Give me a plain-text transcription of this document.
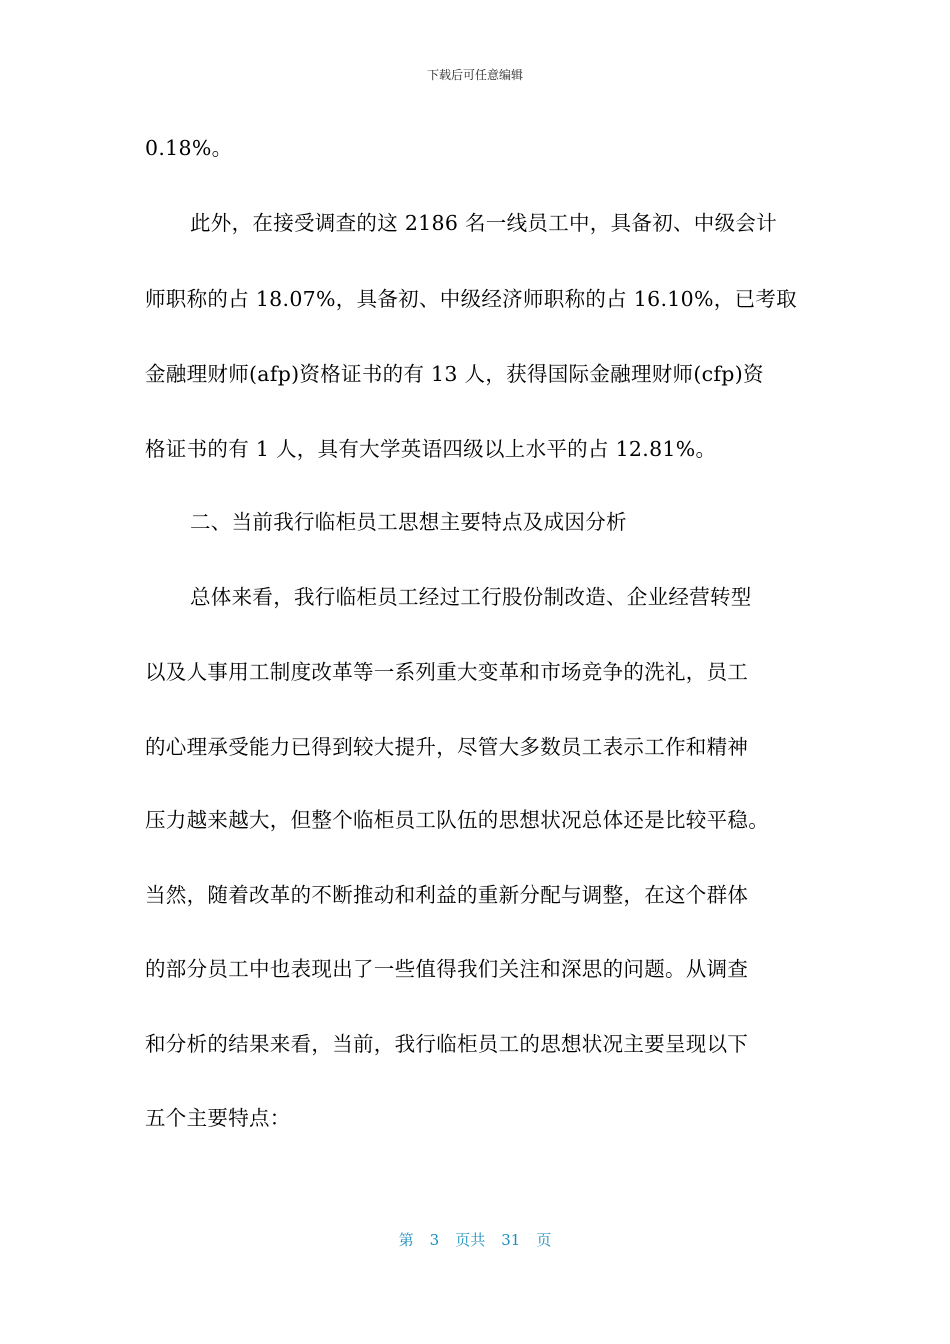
下载后可任意编辑
0.18%。
此外，在接受调查的这 2186 名一线员工中，具备初、中级会计
师职称的占 18.07%，具备初、中级经济师职称的占 16.10%，已考取
金融理财师(afp)资格证书的有 13 人，获得国际金融理财师(cfp)资
格证书的有 1 人，具有大学英语四级以上水平的占 12.81%。
二、当前我行临柜员工思想主要特点及成因分析
总体来看，我行临柜员工经过工行股份制改造、企业经营转型
以及人事用工制度改革等一系列重大变革和市场竞争的洗礼，员工
的心理承受能力已得到较大提升，尽管大多数员工表示工作和精神
压力越来越大，但整个临柜员工队伍的思想状况总体还是比较平稳。
当然，随着改革的不断推动和利益的重新分配与调整，在这个群体
的部分员工中也表现出了一些值得我们关注和深思的问题。从调查
和分析的结果来看，当前，我行临柜员工的思想状况主要呈现以下
五个主要特点：
第 3 页共 31 页
